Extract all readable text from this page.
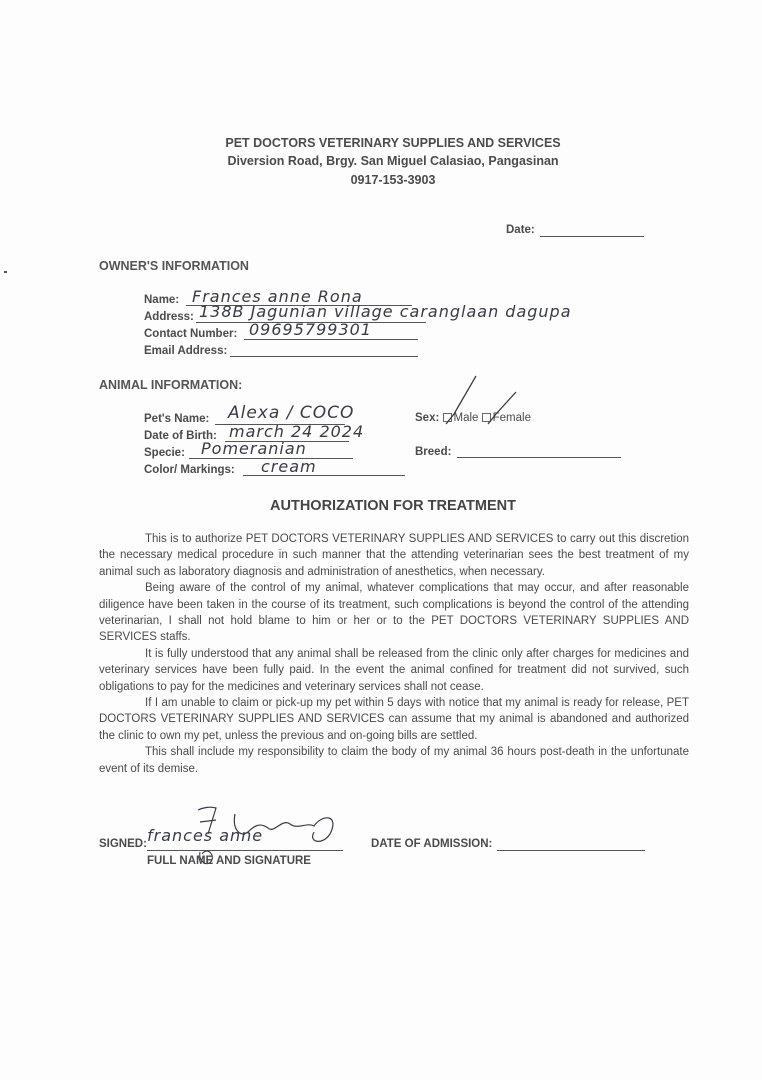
PET DOCTORS VETERINARY SUPPLIES AND SERVICES
Diversion Road, Brgy. San Miguel Calasiao, Pangasinan
0917-153-3903
Date:
OWNER'S INFORMATION
Name: Frances anne Rona
Address: 138B Jagunian village caranglaan dagupa
Contact Number: 09695799301
Email Address:
ANIMAL INFORMATION:
Pet's Name: Alexa / COCO
Date of Birth: march 24 2024
Specie: Pomeranian
Color/ Markings: cream
Sex: Male Female
Breed:
AUTHORIZATION FOR TREATMENT

This is to authorize PET DOCTORS VETERINARY SUPPLIES AND SERVICES to carry out this discretion the necessary medical procedure in such manner that the attending veterinarian sees the best treatment of my animal such as laboratory diagnosis and administration of anesthetics, when necessary.

Being aware of the control of my animal, whatever complications that may occur, and after reasonable diligence have been taken in the course of its treatment, such complications is beyond the control of the attending veterinarian, I shall not hold blame to him or her or to the PET DOCTORS VETERINARY SUPPLIES AND SERVICES staffs.

It is fully understood that any animal shall be released from the clinic only after charges for medicines and veterinary services have been fully paid. In the event the animal confined for treatment did not survived, such obligations to pay for the medicines and veterinary services shall not cease.

If I am unable to claim or pick-up my pet within 5 days with notice that my animal is ready for release, PET DOCTORS VETERINARY SUPPLIES AND SERVICES can assume that my animal is abandoned and authorized the clinic to own my pet, unless the previous and on-going bills are settled.

This shall include my responsibility to claim the body of my animal 36 hours post-death in the unfortunate event of its demise.

SIGNED: frances anne
FULL NAME AND SIGNATURE
DATE OF ADMISSION:
